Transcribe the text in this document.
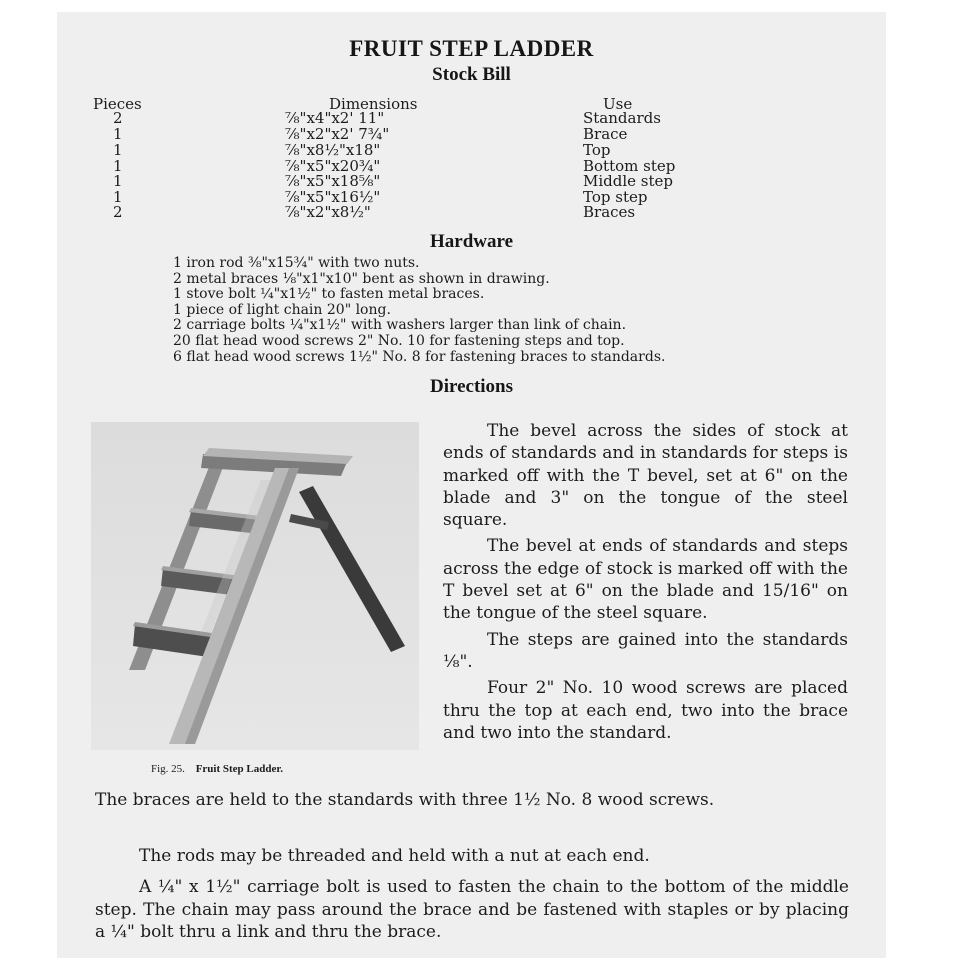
FRUIT STEP LADDER
Stock Bill
Pieces	Dimensions	Use
2	⅞"x4"x2' 11"	Standards
1	⅞"x2"x2' 7¾"	Brace
1	⅞"x8½"x18"	Top
1	⅞"x5"x20¾"	Bottom step
1	⅞"x5"x18⅝"	Middle step
1	⅞"x5"x16½"	Top step
2	⅞"x2"x8½"	Braces
Hardware
1 iron rod ⅜"x15¾" with two nuts.
2 metal braces ⅛"x1"x10" bent as shown in drawing.
1 stove bolt ¼"x1½" to fasten metal braces.
1 piece of light chain 20" long.
2 carriage bolts ¼"x1½" with washers larger than link of chain.
20 flat head wood screws 2" No. 10 for fastening steps and top.
6 flat head wood screws 1½" No. 8 for fastening braces to standards.
Directions
Fig. 25. Fruit Step Ladder.

The bevel across the sides of stock at ends of standards and in standards for steps is marked off with the T bevel, set at 6" on the blade and 3" on the tongue of the steel square.

The bevel at ends of standards and steps across the edge of stock is marked off with the T bevel set at 6" on the blade and 15/16" on the tongue of the steel square.

The steps are gained into the standards ⅛".

Four 2" No. 10 wood screws are placed thru the top at each end, two into the brace and two into the standard.

The braces are held to the standards with three 1½ No. 8 wood screws.
The rods may be threaded and held with a nut at each end.
A ¼" x 1½" carriage bolt is used to fasten the chain to the bottom of the middle step. The chain may pass around the brace and be fastened with staples or by placing a ¼" bolt thru a link and thru the brace.
